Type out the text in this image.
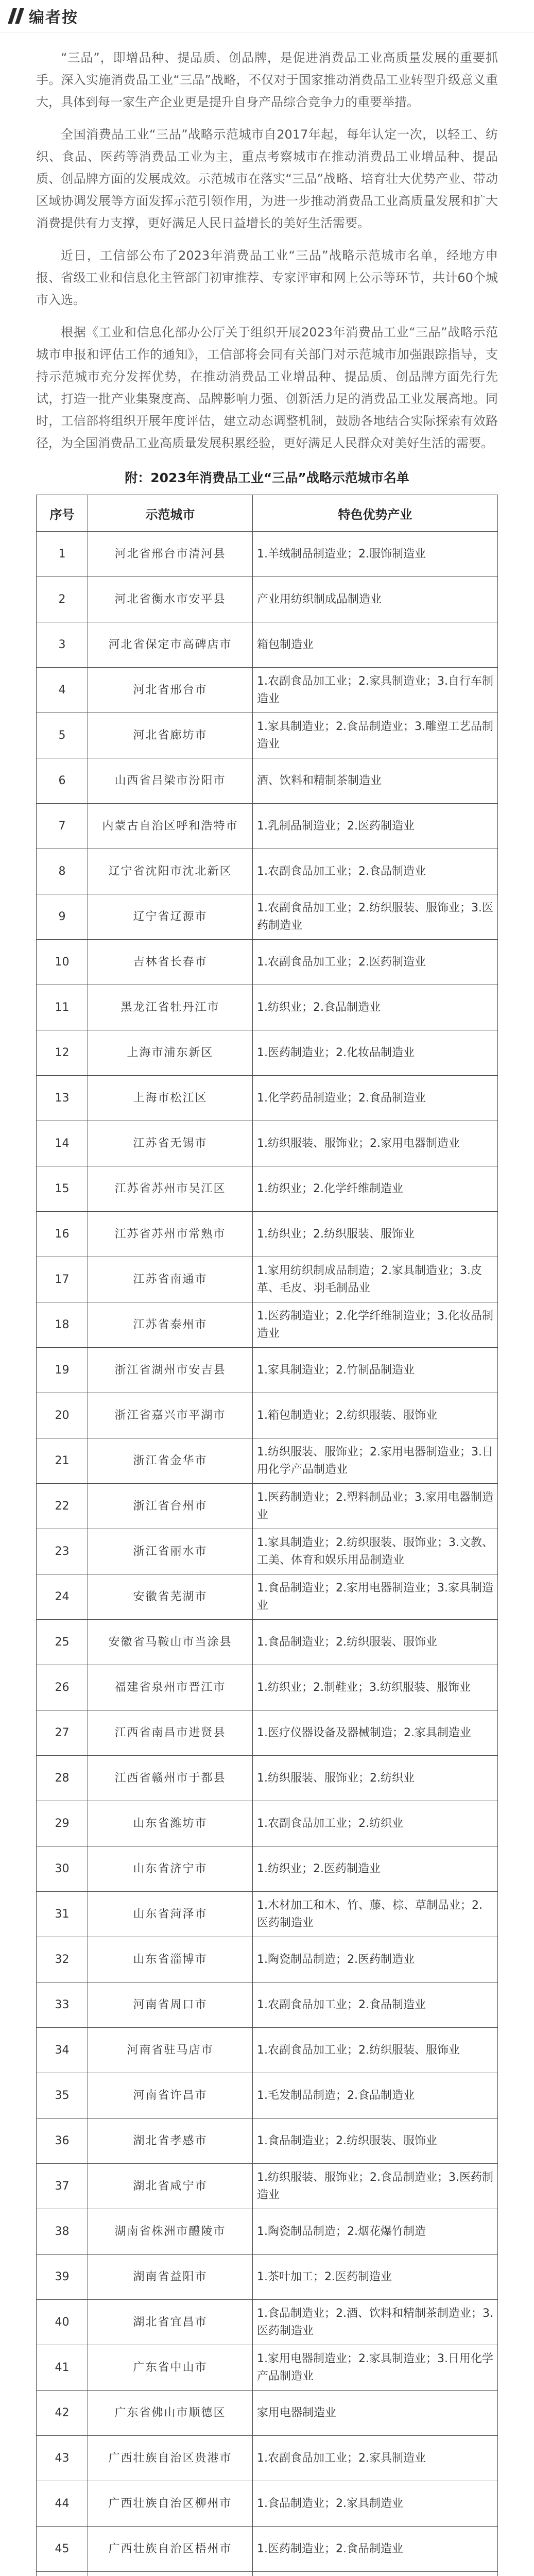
编者按

“三品”，即增品种、提品质、创品牌，是促进消费品工业高质量发展的重要抓手。深入实施消费品工业“三品”战略，不仅对于国家推动消费品工业转型升级意义重大，具体到每一家生产企业更是提升自身产品综合竞争力的重要举措。

全国消费品工业“三品”战略示范城市自2017年起，每年认定一次，以轻工、纺织、食品、医药等消费品工业为主，重点考察城市在推动消费品工业增品种、提品质、创品牌方面的发展成效。示范城市在落实“三品”战略、培育壮大优势产业、带动区域协调发展等方面发挥示范引领作用，为进一步推动消费品工业高质量发展和扩大消费提供有力支撑，更好满足人民日益增长的美好生活需要。

近日，工信部公布了2023年消费品工业“三品”战略示范城市名单，经地方申报、省级工业和信息化主管部门初审推荐、专家评审和网上公示等环节，共计60个城市入选。

根据《工业和信息化部办公厅关于组织开展2023年消费品工业“三品”战略示范城市申报和评估工作的通知》，工信部将会同有关部门对示范城市加强跟踪指导，支持示范城市充分发挥优势，在推动消费品工业增品种、提品质、创品牌方面先行先试，打造一批产业集聚度高、品牌影响力强、创新活力足的消费品工业发展高地。同时，工信部将组织开展年度评估，建立动态调整机制，鼓励各地结合实际探索有效路径，为全国消费品工业高质量发展积累经验，更好满足人民群众对美好生活的需要。

附：2023年消费品工业“三品”战略示范城市名单
序号	示范城市	特色优势产业
1	河北省邢台市清河县	1.羊绒制品制造业；2.服饰制造业
2	河北省衡水市安平县	产业用纺织制成品制造业
3	河北省保定市高碑店市	箱包制造业
4	河北省邢台市	1.农副食品加工业；2.家具制造业；3.自行车制造业
5	河北省廊坊市	1.家具制造业；2.食品制造业；3.雕塑工艺品制造业
6	山西省吕梁市汾阳市	酒、饮料和精制茶制造业
7	内蒙古自治区呼和浩特市	1.乳制品制造业；2.医药制造业
8	辽宁省沈阳市沈北新区	1.农副食品加工业；2.食品制造业
9	辽宁省辽源市	1.农副食品加工业；2.纺织服装、服饰业；3.医药制造业
10	吉林省长春市	1.农副食品加工业；2.医药制造业
11	黑龙江省牡丹江市	1.纺织业；2.食品制造业
12	上海市浦东新区	1.医药制造业；2.化妆品制造业
13	上海市松江区	1.化学药品制造业；2.食品制造业
14	江苏省无锡市	1.纺织服装、服饰业；2.家用电器制造业
15	江苏省苏州市吴江区	1.纺织业；2.化学纤维制造业
16	江苏省苏州市常熟市	1.纺织业；2.纺织服装、服饰业
17	江苏省南通市	1.家用纺织制成品制造；2.家具制造业；3.皮革、毛皮、羽毛制品业
18	江苏省泰州市	1.医药制造业；2.化学纤维制造业；3.化妆品制造业
19	浙江省湖州市安吉县	1.家具制造业；2.竹制品制造业
20	浙江省嘉兴市平湖市	1.箱包制造业；2.纺织服装、服饰业
21	浙江省金华市	1.纺织服装、服饰业；2.家用电器制造业；3.日用化学产品制造业
22	浙江省台州市	1.医药制造业；2.塑料制品业；3.家用电器制造业
23	浙江省丽水市	1.家具制造业；2.纺织服装、服饰业；3.文教、工美、体育和娱乐用品制造业
24	安徽省芜湖市	1.食品制造业；2.家用电器制造业；3.家具制造业
25	安徽省马鞍山市当涂县	1.食品制造业；2.纺织服装、服饰业
26	福建省泉州市晋江市	1.纺织业；2.制鞋业；3.纺织服装、服饰业
27	江西省南昌市进贤县	1.医疗仪器设备及器械制造；2.家具制造业
28	江西省赣州市于都县	1.纺织服装、服饰业；2.纺织业
29	山东省潍坊市	1.农副食品加工业；2.纺织业
30	山东省济宁市	1.纺织业；2.医药制造业
31	山东省菏泽市	1.木材加工和木、竹、藤、棕、草制品业；2.医药制造业
32	山东省淄博市	1.陶瓷制品制造；2.医药制造业
33	河南省周口市	1.农副食品加工业；2.食品制造业
34	河南省驻马店市	1.农副食品加工业；2.纺织服装、服饰业
35	河南省许昌市	1.毛发制品制造；2.食品制造业
36	湖北省孝感市	1.食品制造业；2.纺织服装、服饰业
37	湖北省咸宁市	1.纺织服装、服饰业；2.食品制造业；3.医药制造业
38	湖南省株洲市醴陵市	1.陶瓷制品制造；2.烟花爆竹制造
39	湖南省益阳市	1.茶叶加工；2.医药制造业
40	湖北省宜昌市	1.食品制造业；2.酒、饮料和精制茶制造业；3.医药制造业
41	广东省中山市	1.家用电器制造业；2.家具制造业；3.日用化学产品制造业
42	广东省佛山市顺德区	家用电器制造业
43	广西壮族自治区贵港市	1.农副食品加工业；2.家具制造业
44	广西壮族自治区柳州市	1.食品制造业；2.家具制造业
45	广西壮族自治区梧州市	1.医药制造业；2.食品制造业
